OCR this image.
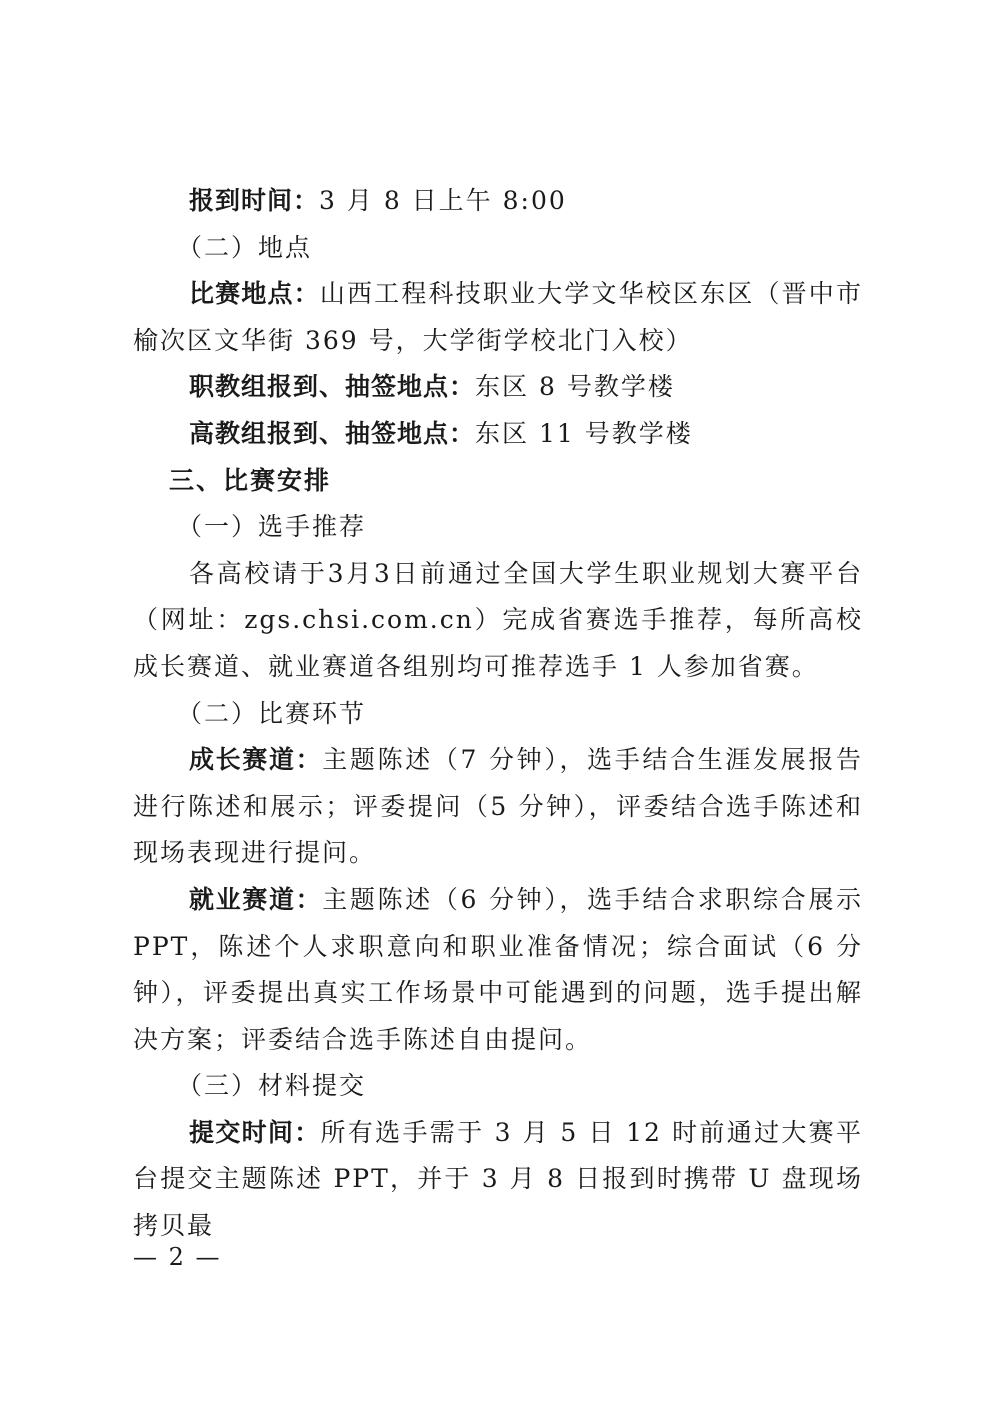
报到时间：3 月 8 日上午 8:00

（二）地点

比赛地点：山西工程科技职业大学文华校区东区（晋中市榆次区文华街 369 号，大学街学校北门入校）

职教组报到、抽签地点：东区 8 号教学楼

高教组报到、抽签地点：东区 11 号教学楼

三、比赛安排

（一）选手推荐

各高校请于3月3日前通过全国大学生职业规划大赛平台（网址：zgs.chsi.com.cn）完成省赛选手推荐，每所高校成长赛道、就业赛道各组别均可推荐选手 1 人参加省赛。

（二）比赛环节

成长赛道：主题陈述（7 分钟），选手结合生涯发展报告进行陈述和展示；评委提问（5 分钟），评委结合选手陈述和现场表现进行提问。

就业赛道：主题陈述（6 分钟），选手结合求职综合展示PPT，陈述个人求职意向和职业准备情况；综合面试（6 分钟），评委提出真实工作场景中可能遇到的问题，选手提出解决方案；评委结合选手陈述自由提问。

（三）材料提交

提交时间：所有选手需于 3 月 5 日 12 时前通过大赛平台提交主题陈述 PPT，并于 3 月 8 日报到时携带 U 盘现场拷贝最

— 2 —
